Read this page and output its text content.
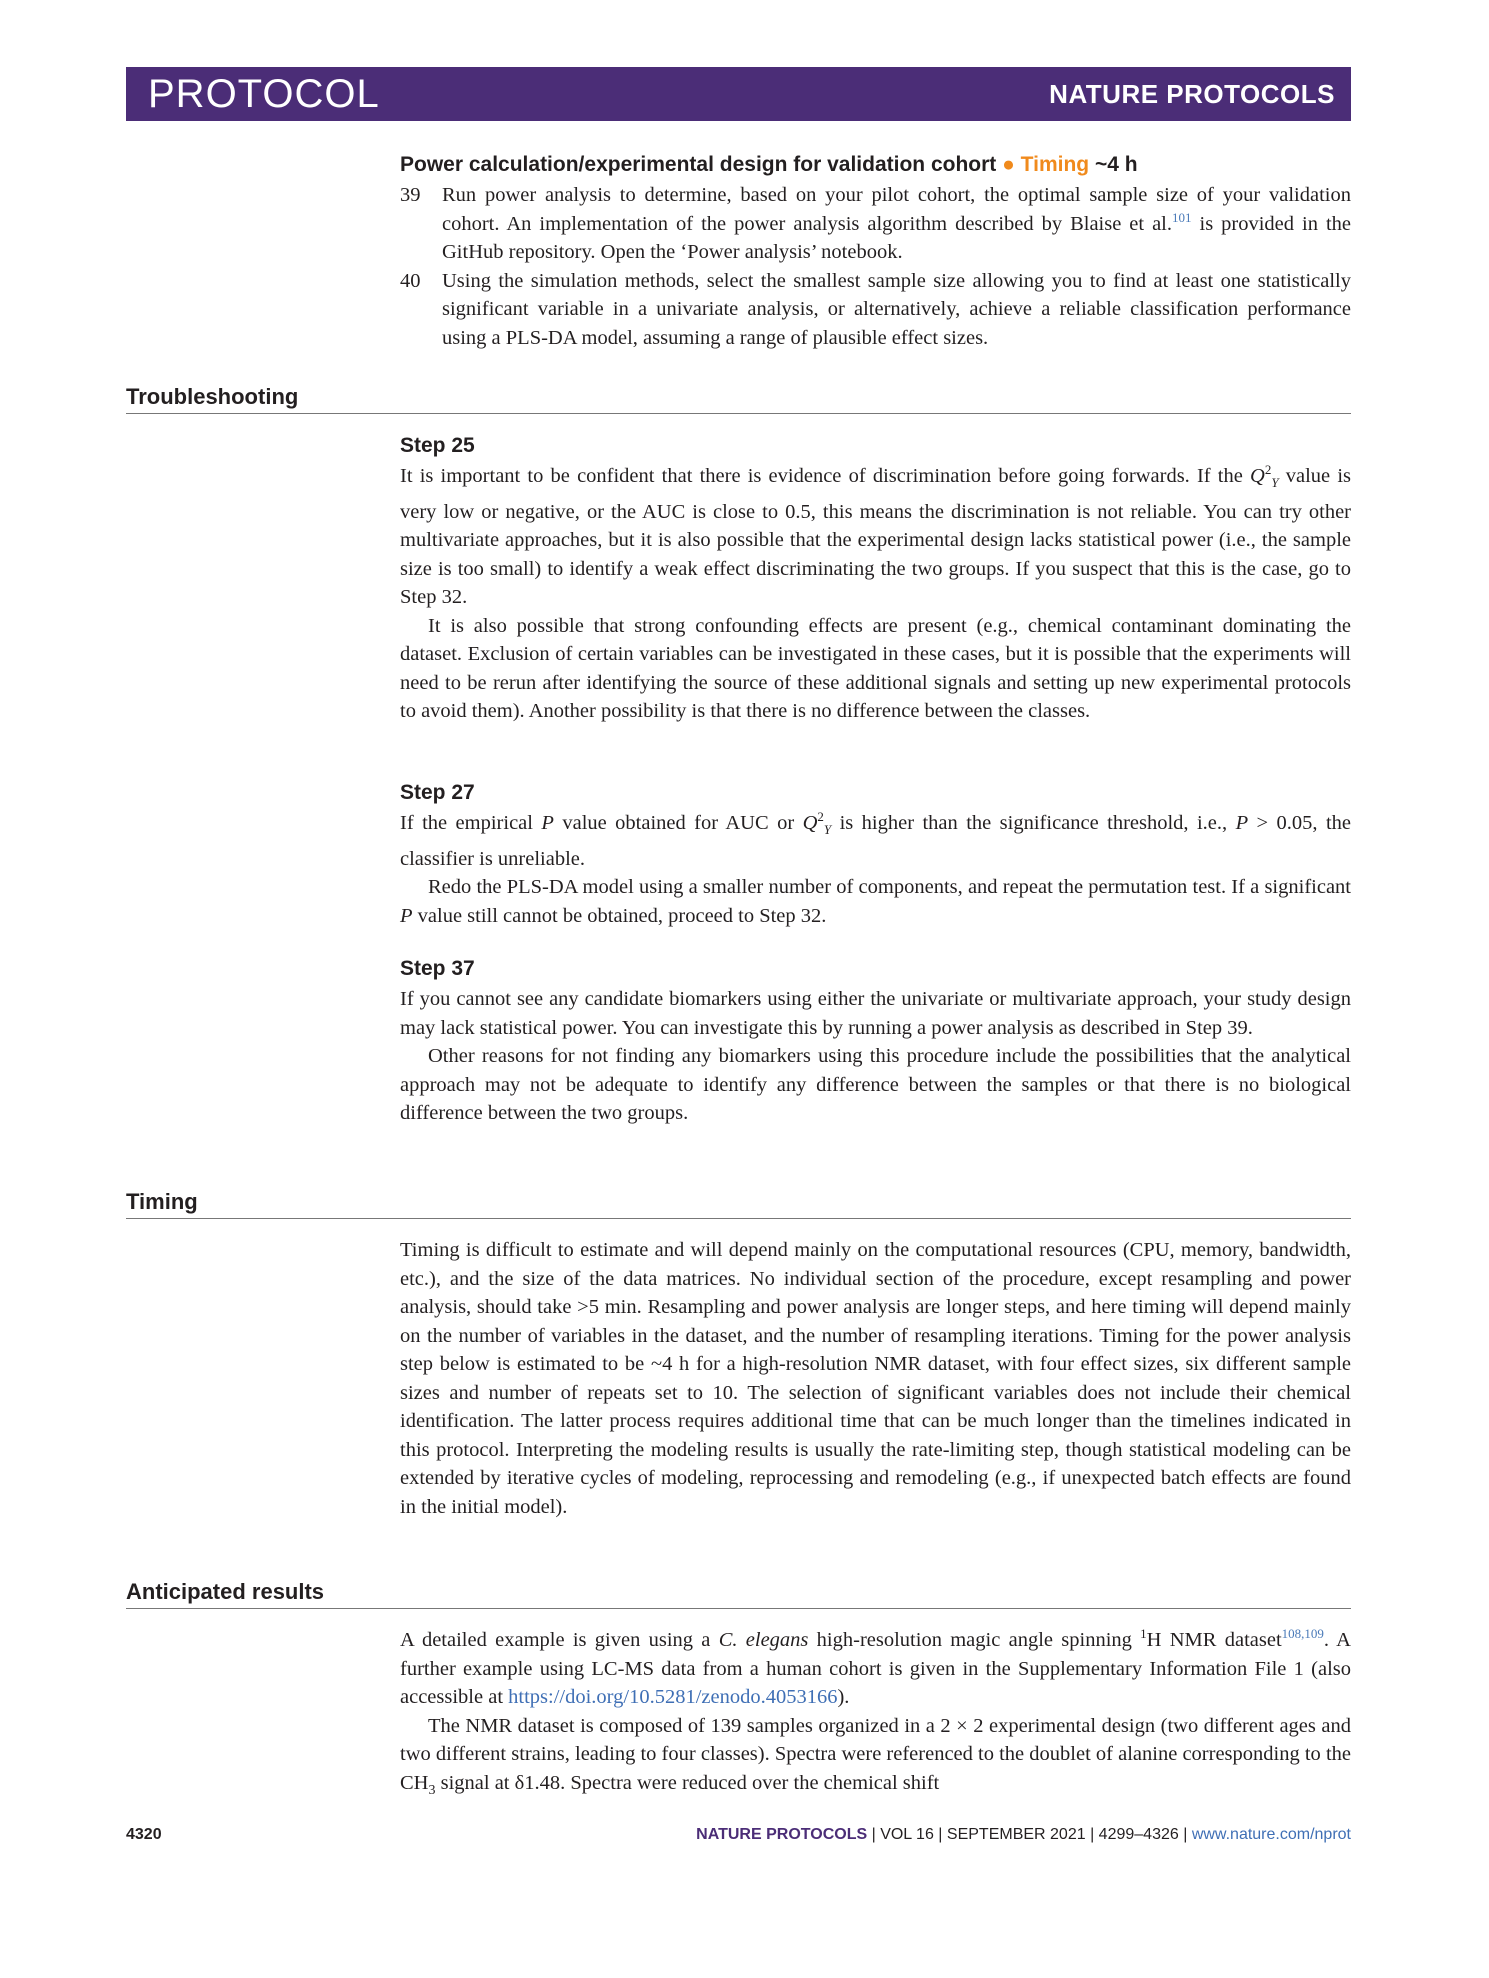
PROTOCOL	NATURE PROTOCOLS
Power calculation/experimental design for validation cohort ● Timing ~4 h
39	Run power analysis to determine, based on your pilot cohort, the optimal sample size of your validation cohort. An implementation of the power analysis algorithm described by Blaise et al.$^{101}$ is provided in the GitHub repository. Open the ‘Power analysis’ notebook.
40	Using the simulation methods, select the smallest sample size allowing you to find at least one statistically significant variable in a univariate analysis, or alternatively, achieve a reliable classification performance using a PLS-DA model, assuming a range of plausible effect sizes.
Troubleshooting
Step 25

It is important to be confident that there is evidence of discrimination before going forwards. If the $Q^2_Y$ value is very low or negative, or the AUC is close to 0.5, this means the discrimination is not reliable. You can try other multivariate approaches, but it is also possible that the experimental design lacks statistical power (i.e., the sample size is too small) to identify a weak effect discriminating the two groups. If you suspect that this is the case, go to Step 32.

It is also possible that strong confounding effects are present (e.g., chemical contaminant dominating the dataset. Exclusion of certain variables can be investigated in these cases, but it is possible that the experiments will need to be rerun after identifying the source of these additional signals and setting up new experimental protocols to avoid them). Another possibility is that there is no difference between the classes.

Step 27

If the empirical P value obtained for AUC or $Q^2_Y$ is higher than the significance threshold, i.e., P > 0.05, the classifier is unreliable.

Redo the PLS-DA model using a smaller number of components, and repeat the permutation test. If a significant P value still cannot be obtained, proceed to Step 32.

Step 37

If you cannot see any candidate biomarkers using either the univariate or multivariate approach, your study design may lack statistical power. You can investigate this by running a power analysis as described in Step 39.

Other reasons for not finding any biomarkers using this procedure include the possibilities that the analytical approach may not be adequate to identify any difference between the samples or that there is no biological difference between the two groups.

Timing

Timing is difficult to estimate and will depend mainly on the computational resources (CPU, memory, bandwidth, etc.), and the size of the data matrices. No individual section of the procedure, except resampling and power analysis, should take >5 min. Resampling and power analysis are longer steps, and here timing will depend mainly on the number of variables in the dataset, and the number of resampling iterations. Timing for the power analysis step below is estimated to be ~4 h for a high-resolution NMR dataset, with four effect sizes, six different sample sizes and number of repeats set to 10. The selection of significant variables does not include their chemical identification. The latter process requires additional time that can be much longer than the timelines indicated in this protocol. Interpreting the modeling results is usually the rate-limiting step, though statistical modeling can be extended by iterative cycles of modeling, reprocessing and remodeling (e.g., if unexpected batch effects are found in the initial model).

Anticipated results

A detailed example is given using a C. elegans high-resolution magic angle spinning $^1$H NMR dataset$^{108,109}$. A further example using LC-MS data from a human cohort is given in the Supplementary Information File 1 (also accessible at https://doi.org/10.5281/zenodo.4053166).

The NMR dataset is composed of 139 samples organized in a 2 × 2 experimental design (two different ages and two different strains, leading to four classes). Spectra were referenced to the doublet of alanine corresponding to the $CH_3$ signal at δ1.48. Spectra were reduced over the chemical shift

4320	NATURE PROTOCOLS | VOL 16 | SEPTEMBER 2021 | 4299–4326 | www.nature.com/nprot
